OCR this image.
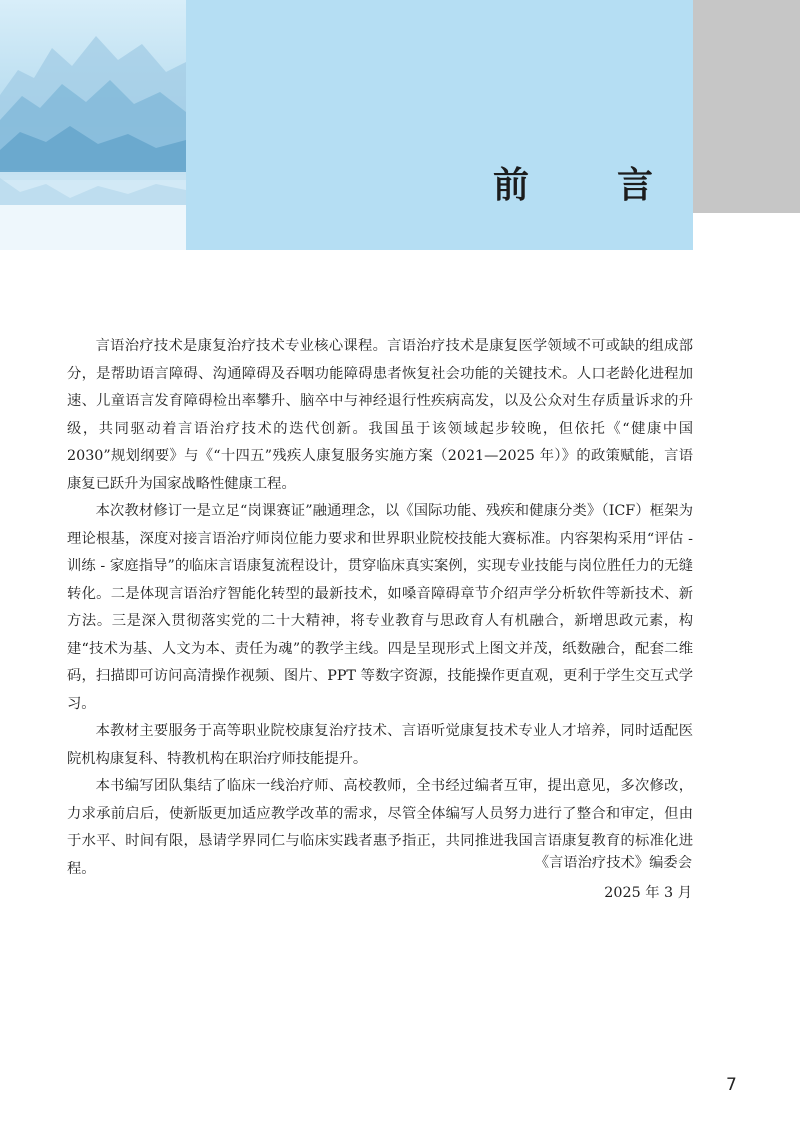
前　言

言语治疗技术是康复治疗技术专业核心课程。言语治疗技术是康复医学领域不可或缺的组成部分，是帮助语言障碍、沟通障碍及吞咽功能障碍患者恢复社会功能的关键技术。人口老龄化进程加速、儿童语言发育障碍检出率攀升、脑卒中与神经退行性疾病高发，以及公众对生存质量诉求的升级，共同驱动着言语治疗技术的迭代创新。我国虽于该领域起步较晚，但依托《“健康中国 2030”规划纲要》与《“十四五”残疾人康复服务实施方案（2021—2025 年）》的政策赋能，言语康复已跃升为国家战略性健康工程。

本次教材修订一是立足“岗课赛证”融通理念，以《国际功能、残疾和健康分类》（ICF）框架为理论根基，深度对接言语治疗师岗位能力要求和世界职业院校技能大赛标准。内容架构采用“评估 - 训练 - 家庭指导”的临床言语康复流程设计，贯穿临床真实案例，实现专业技能与岗位胜任力的无缝转化。二是体现言语治疗智能化转型的最新技术，如嗓音障碍章节介绍声学分析软件等新技术、新方法。三是深入贯彻落实党的二十大精神，将专业教育与思政育人有机融合，新增思政元素，构建“技术为基、人文为本、责任为魂”的教学主线。四是呈现形式上图文并茂，纸数融合，配套二维码，扫描即可访问高清操作视频、图片、PPT 等数字资源，技能操作更直观，更利于学生交互式学习。

本教材主要服务于高等职业院校康复治疗技术、言语听觉康复技术专业人才培养，同时适配医院机构康复科、特教机构在职治疗师技能提升。

本书编写团队集结了临床一线治疗师、高校教师，全书经过编者互审，提出意见，多次修改，力求承前启后，使新版更加适应教学改革的需求，尽管全体编写人员努力进行了整合和审定，但由于水平、时间有限，恳请学界同仁与临床实践者惠予指正，共同推进我国言语康复教育的标准化进程。	《言语治疗技术》编委会
2025 年 3 月
7
